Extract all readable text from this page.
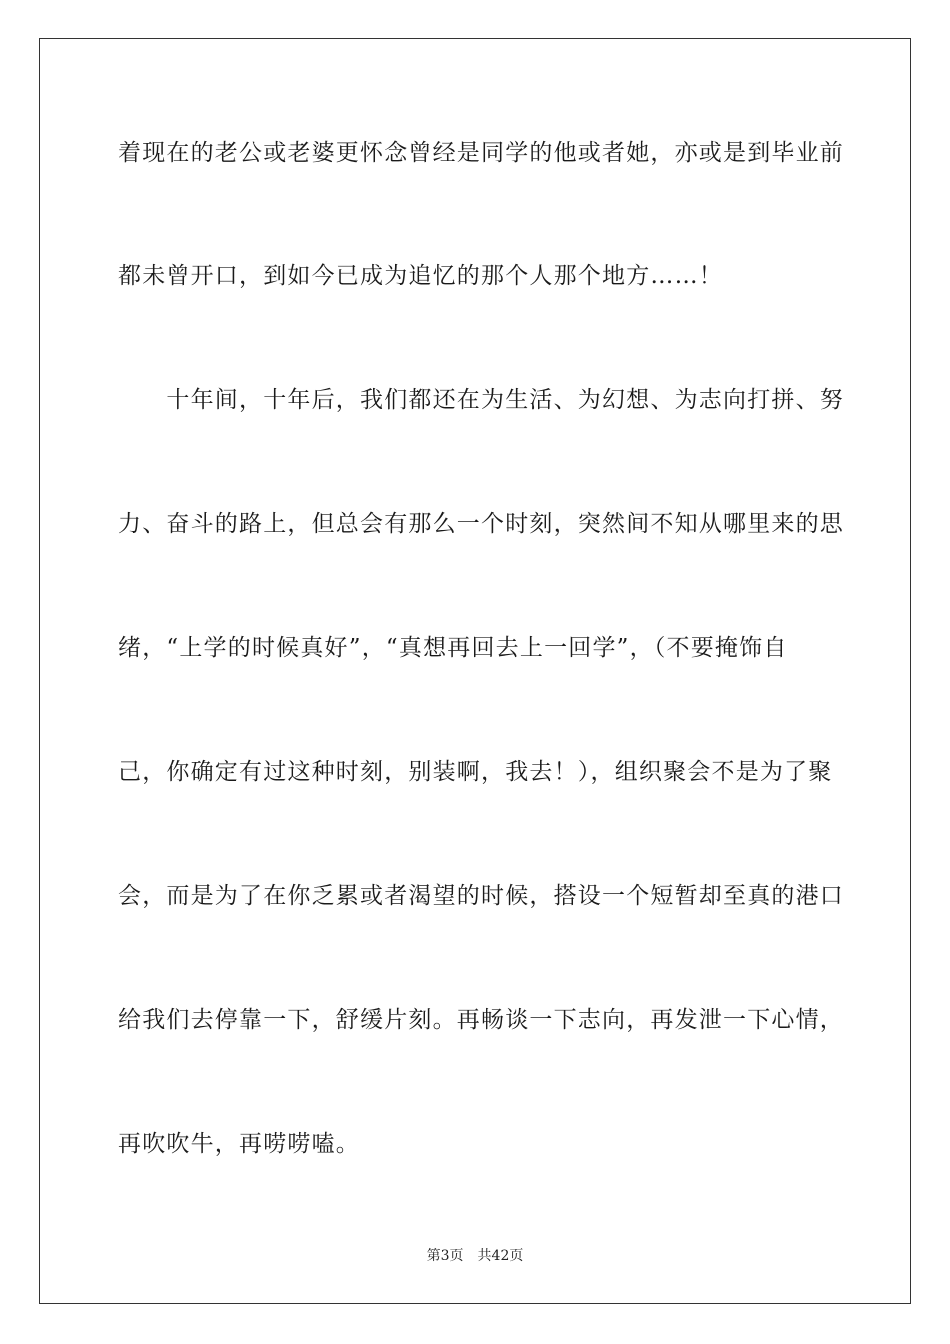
着现在的老公或老婆更怀念曾经是同学的他或者她，亦或是到毕业前

都未曾开口，到如今已成为追忆的那个人那个地方……！

　　十年间，十年后，我们都还在为生活、为幻想、为志向打拼、努

力、奋斗的路上，但总会有那么一个时刻，突然间不知从哪里来的思

绪，“上学的时候真好”，“真想再回去上一回学”，（不要掩饰自

己，你确定有过这种时刻，别装啊，我去！），组织聚会不是为了聚

会，而是为了在你乏累或者渴望的时候，搭设一个短暂却至真的港口

给我们去停靠一下，舒缓片刻。再畅谈一下志向，再发泄一下心情，

再吹吹牛，再唠唠嗑。

第3页 共42页
